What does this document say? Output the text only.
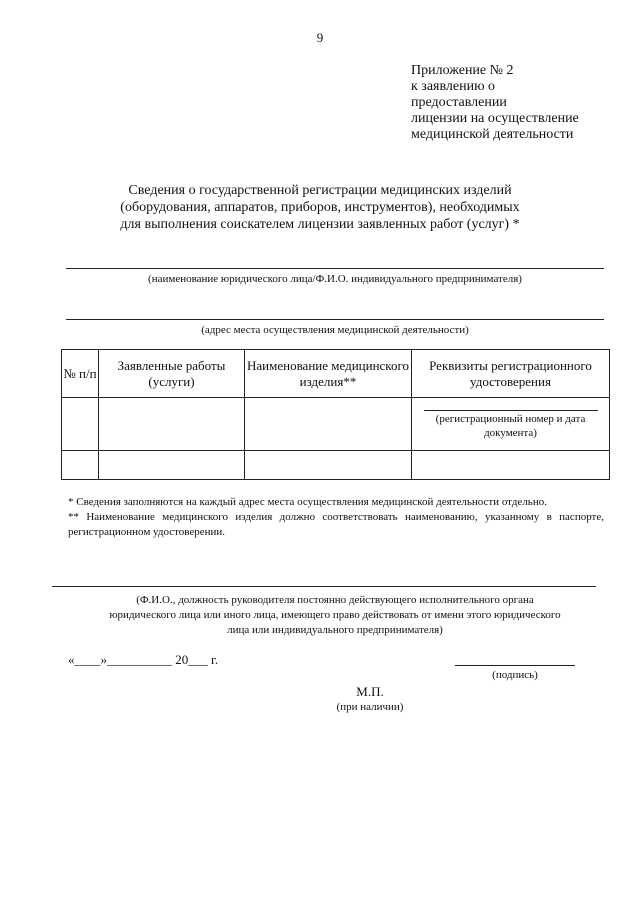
9
Приложение № 2
к заявлению о
предоставлении
лицензии на осуществление
медицинской деятельности
Сведения о государственной регистрации медицинских изделий
(оборудования, аппаратов, приборов, инструментов), необходимых
для выполнения соискателем лицензии заявленных работ (услуг) *
(наименование юридического лица/Ф.И.О. индивидуального предпринимателя)
(адрес места осуществления медицинской деятельности)
№ п/п	Заявленные работы (услуги)	Наименование медицинского изделия**	Реквизиты регистрационного удостоверения

			(регистрационный номер и дата документа)

* Сведения заполняются на каждый адрес места осуществления медицинской деятельности отдельно.

** Наименование медицинского изделия должно соответствовать наименованию, указанному в паспорте, регистрационном удостоверении.

(Ф.И.О., должность руководителя постоянно действующего исполнительного органа
юридического лица или иного лица, имеющего право действовать от имени этого юридического
лица или индивидуального предпринимателя)
«____»__________ 20___ г.
(подпись)
М.П.
(при наличии)
